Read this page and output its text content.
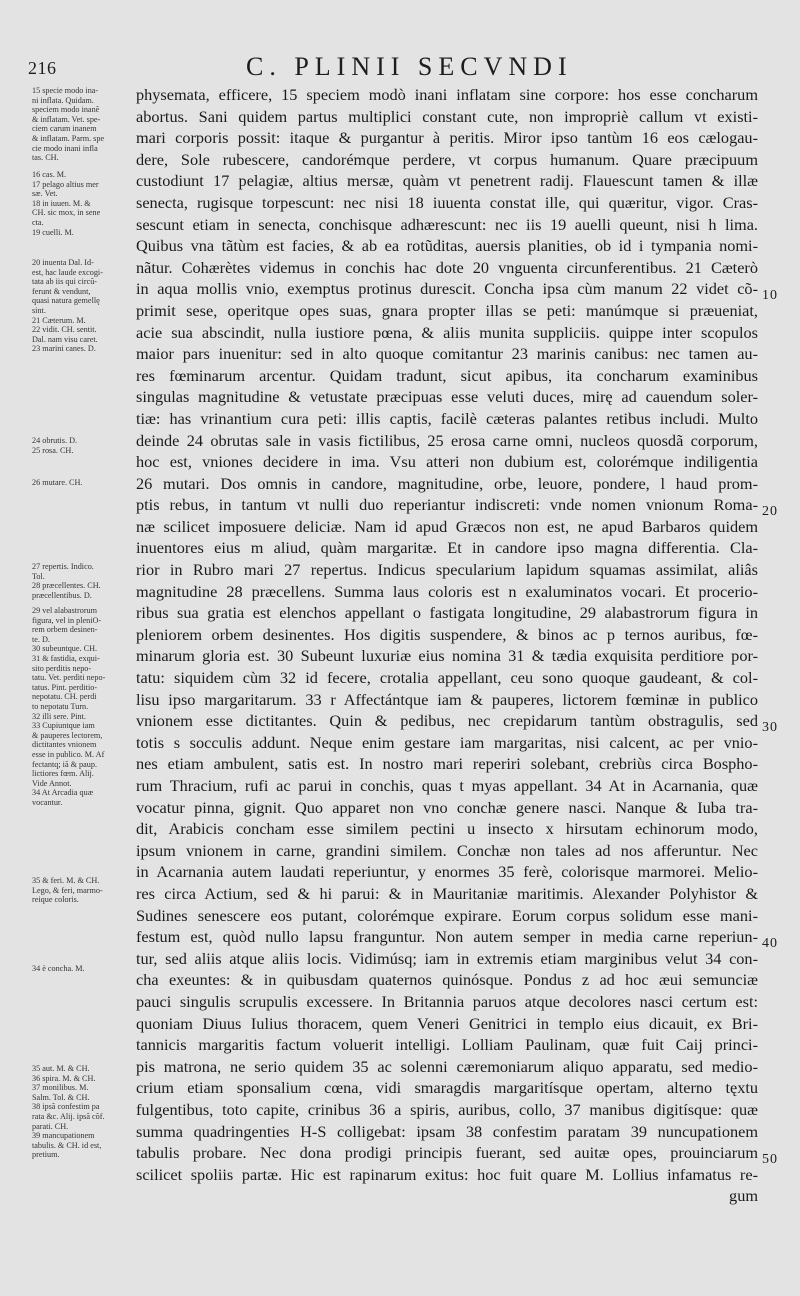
216	C. PLINII SECVNDI
15 specie modo ina-
ni inflata. Quidam.
speciem modo inanẽ
& inflatam. Vet. spe-
ciem carum inanem
& inflatam. Parm. spe
cie modo inani infla
tas. CH.
16 cas. M.
17 pelago altius mer
sæ. Vet.
18 in iuuen. M. &
CH. sic mox, in sene
cta.
19 cuelli. M.
20 inuenta Dal. Id-
est, hac laude excogi-
tata ab iis qui circũ-
ferunt & vendunt,
quasi natura gemellę
sint.
21 Cæterum. M.
22 vidit. CH. sentit.
Dal. nam visu caret.
23 marini canes. D.
24 obrutis. D.
25 rosa. CH.
26 mutare. CH.
27 repertis. Indico.
Tol.
28 præcellentes. CH.
præcellentibus. D.
29 vel alabastrorum
figura, vel in pleniO-
rem orbem desinen-
te. D.
30 subeuntque. CH.
31 & fastidia, exqui-
sito perditis nepo-
tatu. Vet. perditi nepo-
tatus. Pint. perditio-
nepotatu. CH. perdi
to nepotatu Turn.
32 illi sere. Pint.
33 Cupiuntque iam
& pauperes lectorem,
dictitantes vnionem
esse in publico. M. Af
fectantq; iã & paup.
lictiores fœm. Alij.
Vide Annot.
34 At Arcadia quæ
vocantur.
35 & feri. M. & CH.
Lego, & feri, marmo-
reique coloris.
34 è concha. M.
35 aut. M. & CH.
36 spira. M. & CH.
37 monilibus. M.
Salm. Tol. & CH.
38 ipsã confestim pa
rata &c. Alij. ipsã cõf.
parati. CH.
39 mancupationem
tabulis. & CH. id est,
pretium.
physemata, efficere, 15 speciem modò inani inflatam sine corpore: hos esse concharum
abortus. Sani quidem partus multiplici constant cute, non impropriè callum vt existi-
mari corporis possit: itaque & purgantur à peritis. Miror ipso tantùm 16 eos cælogau-
dere, Sole rubescere, candorémque perdere, vt corpus humanum. Quare præcipuum
custodiunt 17 pelagiæ, altius mersæ, quàm vt penetrent radij. Flauescunt tamen & illæ
senecta, rugisque torpescunt: nec nisi 18 iuuenta constat ille, qui quæritur, vigor. Cras-
sescunt etiam in senecta, conchisque adhærescunt: nec iis 19 auelli queunt, nisi h lima.
Quibus vna tãtùm est facies, & ab ea rotũditas, auersis planities, ob id i tympania nomi-
nãtur. Cohærètes videmus in conchis hac dote 20 vnguenta circunferentibus. 21 Cæterò
in aqua mollis vnio, exemptus protinus durescit. Concha ipsa cùm manum 22 videt cõ-
primit sese, operitque opes suas, gnara propter illas se peti: manúmque si præueniat,
acie sua abscindit, nulla iustiore pœna, & aliis munita suppliciis. quippe inter scopulos
maior pars inuenitur: sed in alto quoque comitantur 23 marinis canibus: nec tamen au-
res fœminarum arcentur. Quidam tradunt, sicut apibus, ita concharum examinibus
singulas magnitudine & vetustate præcipuas esse veluti duces, mirę ad cauendum soler-
tiæ: has vrinantium cura peti: illis captis, facilè cæteras palantes retibus includi. Multo
deinde 24 obrutas sale in vasis fictilibus, 25 erosa carne omni, nucleos quosdã corporum,
hoc est, vniones decidere in ima. Vsu atteri non dubium est, colorémque indiligentia
26 mutari. Dos omnis in candore, magnitudine, orbe, leuore, pondere, l haud prom-
ptis rebus, in tantum vt nulli duo reperiantur indiscreti: vnde nomen vnionum Roma-
næ scilicet imposuere deliciæ. Nam id apud Græcos non est, ne apud Barbaros quidem
inuentores eius m aliud, quàm margaritæ. Et in candore ipso magna differentia. Cla-
rior in Rubro mari 27 repertus. Indicus specularium lapidum squamas assimilat, aliâs
magnitudine 28 præcellens. Summa laus coloris est n exaluminatos vocari. Et procerio-
ribus sua gratia est elenchos appellant o fastigata longitudine, 29 alabastrorum figura in
pleniorem orbem desinentes. Hos digitis suspendere, & binos ac p ternos auribus, fœ-
minarum gloria est. 30 Subeunt luxuriæ eius nomina 31 & tædia exquisita perditiore por-
tatu: siquidem cùm 32 id fecere, crotalia appellant, ceu sono quoque gaudeant, & col-
lisu ipso margaritarum. 33 r Affectántque iam & pauperes, lictorem fœminæ in publico
vnionem esse dictitantes. Quin & pedibus, nec crepidarum tantùm obstragulis, sed
totis s socculis addunt. Neque enim gestare iam margaritas, nisi calcent, ac per vnio-
nes etiam ambulent, satis est. In nostro mari reperiri solebant, crebriùs circa Bospho-
rum Thracium, rufi ac parui in conchis, quas t myas appellant. 34 At in Acarnania, quæ
vocatur pinna, gignit. Quo apparet non vno conchæ genere nasci. Nanque & Iuba tra-
dit, Arabicis concham esse similem pectini u insecto x hirsutam echinorum modo,
ipsum vnionem in carne, grandini similem. Conchæ non tales ad nos afferuntur. Nec
in Acarnania autem laudati reperiuntur, y enormes 35 ferè, colorisque marmorei. Melio-
res circa Actium, sed & hi parui: & in Mauritaniæ maritimis. Alexander Polyhistor &
Sudines senescere eos putant, colorémque expirare. Eorum corpus solidum esse mani-
festum est, quòd nullo lapsu franguntur. Non autem semper in media carne reperiun-
tur, sed aliis atque aliis locis. Vidimúsq; iam in extremis etiam marginibus velut 34 con-
cha exeuntes: & in quibusdam quaternos quinósque. Pondus z ad hoc æui semunciæ
pauci singulis scrupulis excessere. In Britannia paruos atque decolores nasci certum est:
quoniam Diuus Iulius thoracem, quem Veneri Genitrici in templo eius dicauit, ex Bri-
tannicis margaritis factum voluerit intelligi. Lolliam Paulinam, quæ fuit Caij princi-
pis matrona, ne serio quidem 35 ac solenni cæremoniarum aliquo apparatu, sed medio-
crium etiam sponsalium cœna, vidi smaragdis margaritísque opertam, alterno tęxtu
fulgentibus, toto capite, crinibus 36 a spiris, auribus, collo, 37 manibus digitísque: quæ
summa quadringenties H-S colligebat: ipsam 38 confestim paratam 39 nuncupationem
tabulis probare. Nec dona prodigi principis fuerant, sed auitæ opes, prouinciarum
scilicet spoliis partæ. Hic est rapinarum exitus: hoc fuit quare M. Lollius infamatus re-
gum
10
20
30
40
50
